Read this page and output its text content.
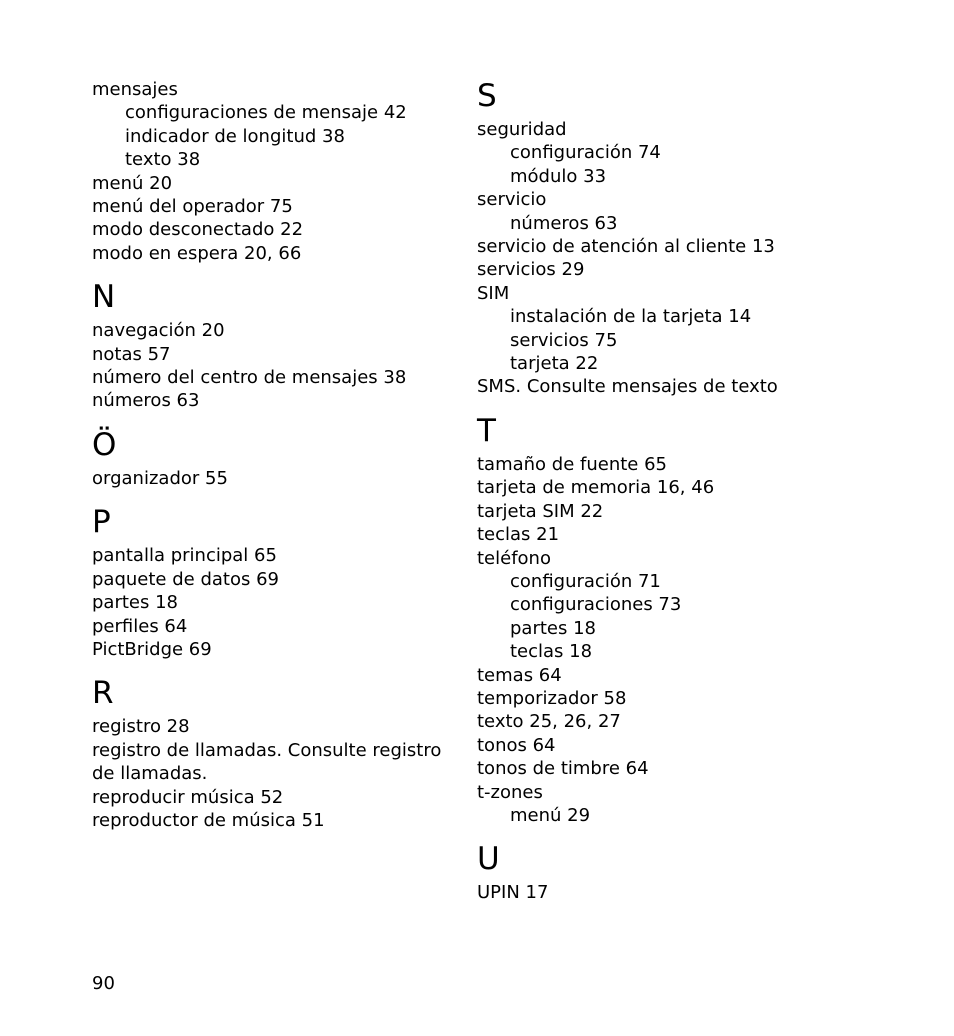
mensajes
configuraciones de mensaje 42
indicador de longitud 38
texto 38
menú 20
menú del operador 75
modo desconectado 22
modo en espera 20, 66
N
navegación 20
notas 57
número del centro de mensajes 38
números 63
Ö
organizador 55
P
pantalla principal 65
paquete de datos 69
partes 18
perfiles 64
PictBridge 69
R
registro 28
registro de llamadas. Consulte registro de llamadas.
reproducir música 52
reproductor de música 51
S
seguridad
configuración 74
módulo 33
servicio
números 63
servicio de atención al cliente 13
servicios 29
SIM
instalación de la tarjeta 14
servicios 75
tarjeta 22
SMS. Consulte mensajes de texto
T
tamaño de fuente 65
tarjeta de memoria 16, 46
tarjeta SIM 22
teclas 21
teléfono
configuración 71
configuraciones 73
partes 18
teclas 18
temas 64
temporizador 58
texto 25, 26, 27
tonos 64
tonos de timbre 64
t-zones
menú 29
U
UPIN 17
90
